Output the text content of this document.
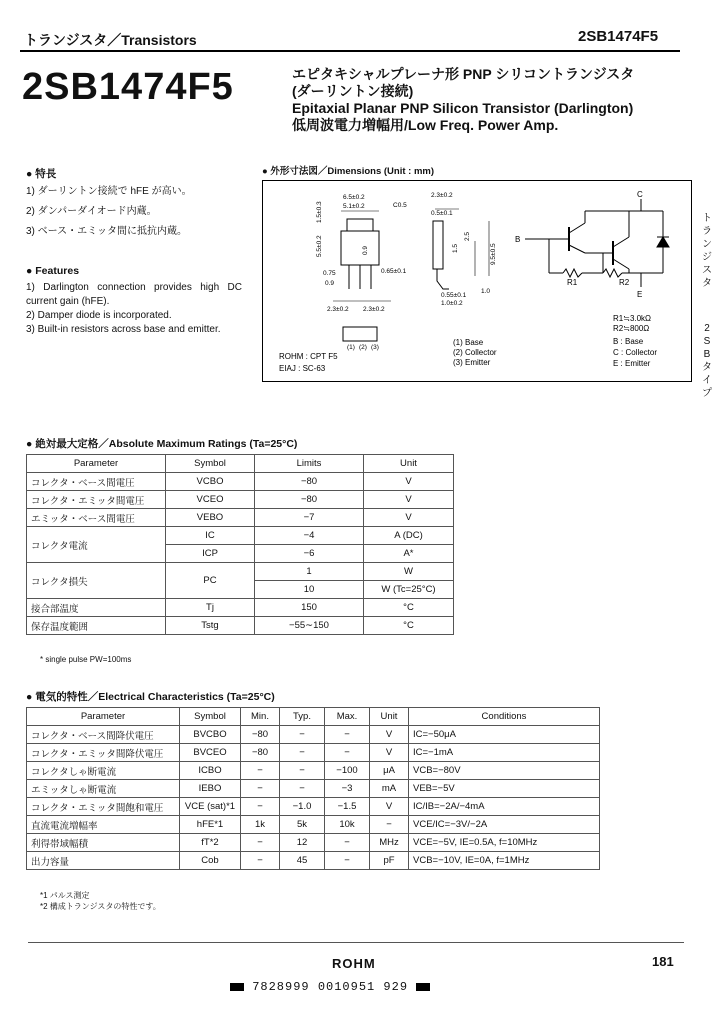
トランジスタ／Transistors	2SB1474F5
2SB1474F5	エピタキシャルプレーナ形 PNP シリコントランジスタ
(ダーリントン接続)
Epitaxial Planar PNP Silicon Transistor (Darlington)
低周波電力増幅用/Low Freq. Power Amp.
● 特長
1) ダーリントン接続で hFE が高い。
2) ダンパーダイオード内蔵。
3) ベース・エミッタ間に抵抗内蔵。
● Features
1) Darlington connection provides high DC current gain (hFE).
2) Damper diode is incorporated.
3) Built-in resistors across base and emitter.
● 外形寸法図／Dimensions (Unit : mm)
6.5±0.2
5.1±0.2	C0.5
2.3±0.2
0.5±0.1
5.5±0.2
1.5±0.3
0.9
0.75
0.9
0.65±0.1
2.3±0.2 2.3±0.2
0.55±0.1
1.0±0.2
1.5
2.5
9.5±0.5
1.0
(1) (2) (3)
ROHM : CPT F5
EIAJ : SC-63
(1) Base
(2) Collector
(3) Emitter
C
B
E
R1	R2
R1≒3.0kΩ
R2≒800Ω
B : Base
C : Collector
E : Emitter
ト
ラ
ン
ジ
ス
タ
2
S
B
タ
イ
プ
● 絶対最大定格／Absolute Maximum Ratings (Ta=25°C)
Parameter	Symbol	Limits	Unit
コレクタ・ベース間電圧	VCBO	−80	V
コレクタ・エミッタ間電圧	VCEO	−80	V
エミッタ・ベース間電圧	VEBO	−7	V
コレクタ電流	IC	−4	A (DC)
	ICP	−6	A*
コレクタ損失	PC	1	W
		10	W (Tc=25°C)
接合部温度	Tj	150	°C
保存温度範囲	Tstg	−55∼150	°C
* single pulse PW=100ms
● 電気的特性／Electrical Characteristics (Ta=25°C)
Parameter	Symbol	Min.	Typ.	Max.	Unit	Conditions
コレクタ・ベース間降伏電圧	BVCBO	−80	−	−	V	IC=−50μA
コレクタ・エミッタ間降伏電圧	BVCEO	−80	−	−	V	IC=−1mA
コレクタしゃ断電流	ICBO	−	−	−100	μA	VCB=−80V
エミッタしゃ断電流	IEBO	−	−	−3	mA	VEB=−5V
コレクタ・エミッタ間飽和電圧	VCE (sat)*1	−	−1.0	−1.5	V	IC/IB=−2A/−4mA
直流電流増幅率	hFE*1	1k	5k	10k	−	VCE/IC=−3V/−2A
利得帯域幅積	fT*2	−	12	−	MHz	VCE=−5V, IE=0.5A, f=10MHz
出力容量	Cob	−	45	−	pF	VCB=−10V, IE=0A, f=1MHz
*1 パルス測定
*2 構成トランジスタの特性です。
ROHM	181
7828999 0010951 929
